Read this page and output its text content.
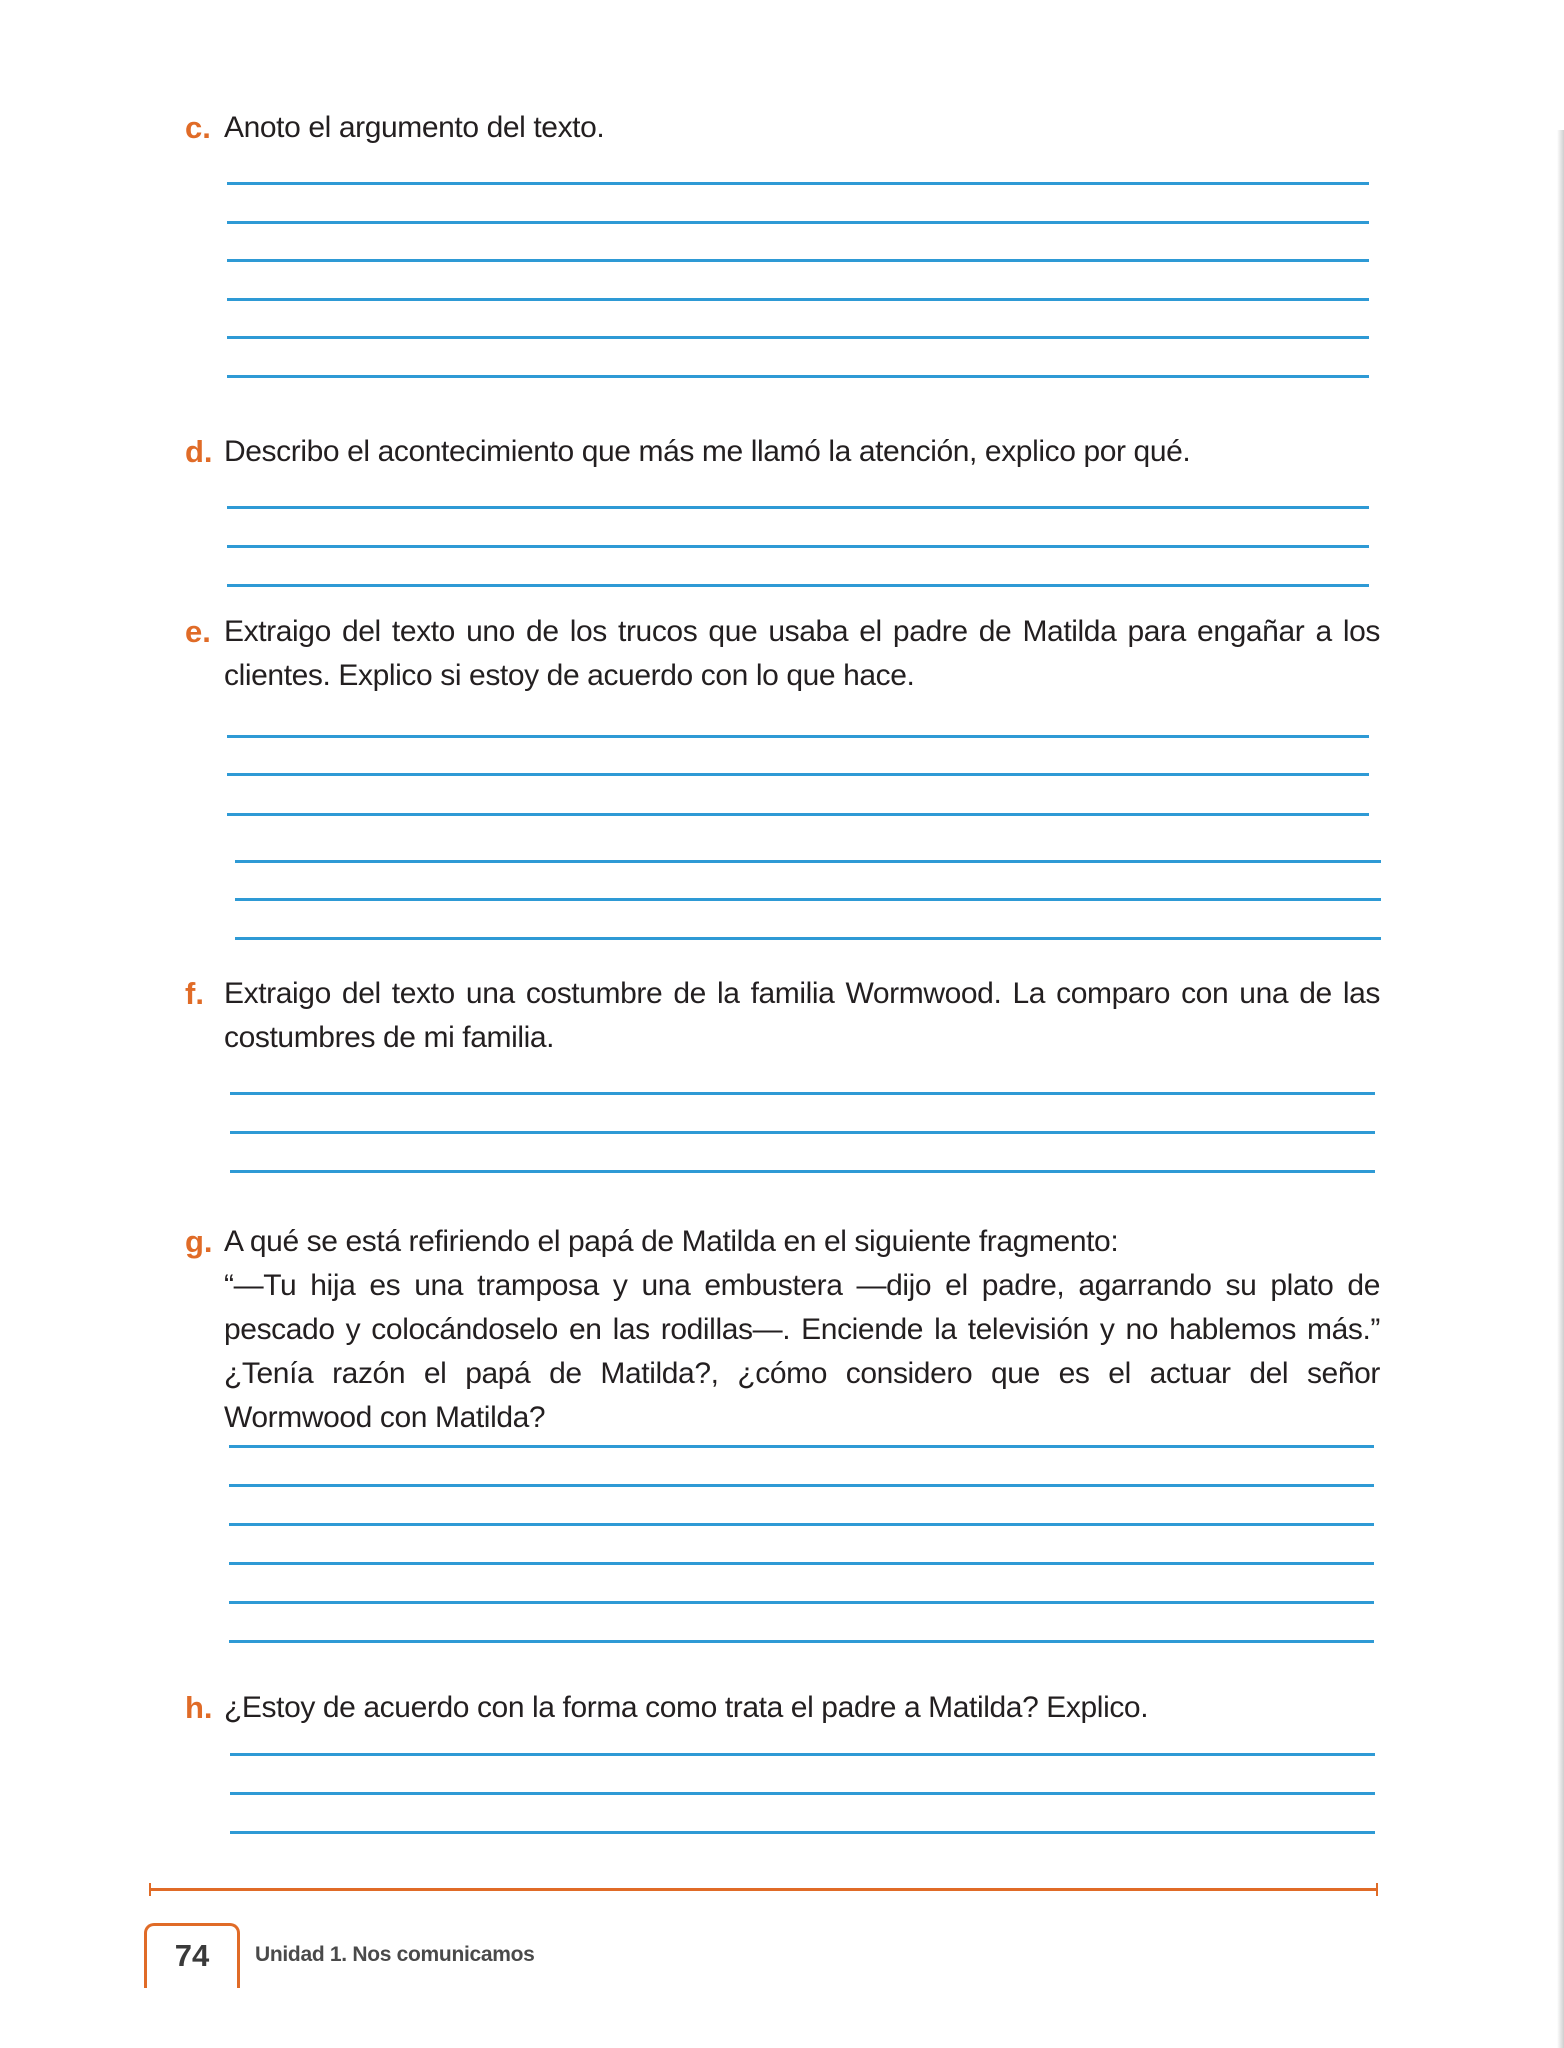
c. Anoto el argumento del texto.

d. Describo el acontecimiento que más me llamó la atención, explico por qué.

e. Extraigo del texto uno de los trucos que usaba el padre de Matilda para engañar a los clientes. Explico si estoy de acuerdo con lo que hace.

f. Extraigo del texto una costumbre de la familia Wormwood. La comparo con una de las costumbres de mi familia.

g. A qué se está refiriendo el papá de Matilda en el siguiente fragmento:

“—Tu hija es una tramposa y una embustera —dijo el padre, agarrando su plato de pescado y colocándoselo en las rodillas—. Enciende la televisión y no hablemos más.” ¿Tenía razón el papá de Matilda?, ¿cómo considero que es el actuar del señor Wormwood con Matilda?

h. ¿Estoy de acuerdo con la forma como trata el padre a Matilda? Explico.

74	Unidad 1. Nos comunicamos
